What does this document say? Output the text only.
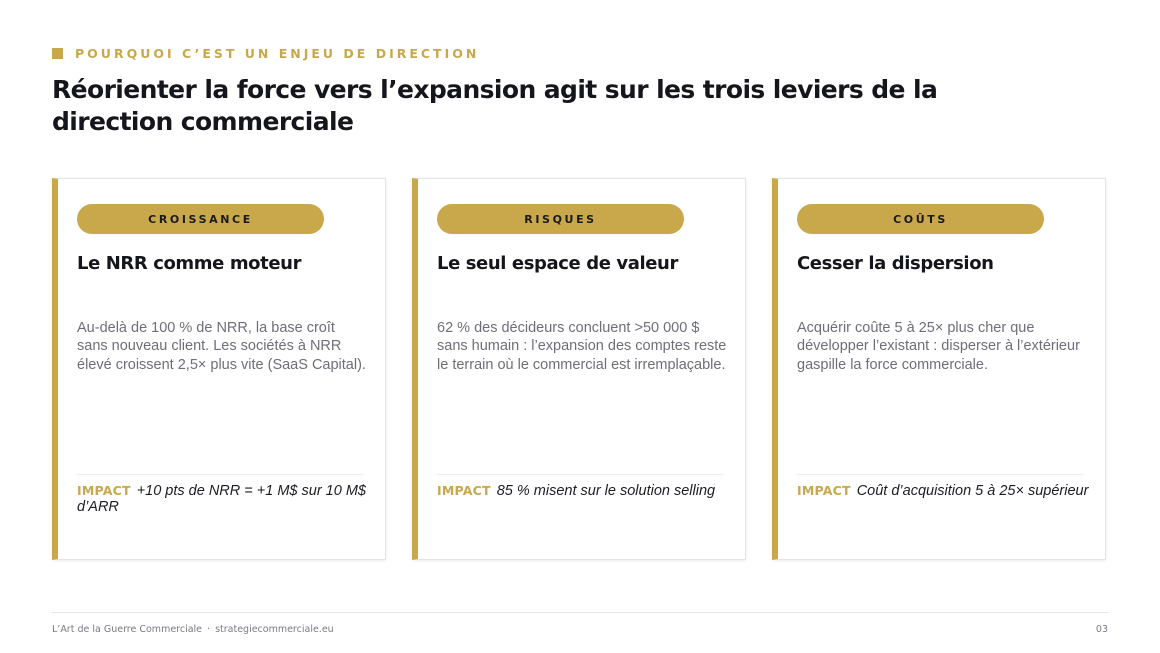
POURQUOI C’EST UN ENJEU DE DIRECTION
Réorienter la force vers l’expansion agit sur les trois leviers de la direction commerciale
CROISSANCE
Le NRR comme moteur

Au-delà de 100 % de NRR, la base croît sans nouveau client. Les sociétés à NRR élevé croissent 2,5× plus vite (SaaS Capital).

IMPACT +10 pts de NRR = +1 M$ sur 10 M$ d’ARR

RISQUES
Le seul espace de valeur

62 % des décideurs concluent >50 000 $ sans humain : l’expansion des comptes reste le terrain où le commercial est irremplaçable.

IMPACT 85 % misent sur le solution selling

COÛTS
Cesser la dispersion

Acquérir coûte 5 à 25× plus cher que développer l’existant : disperser à l’extérieur gaspille la force commerciale.

IMPACT Coût d’acquisition 5 à 25× supérieur

L’Art de la Guerre Commerciale · strategiecommerciale.eu	03
